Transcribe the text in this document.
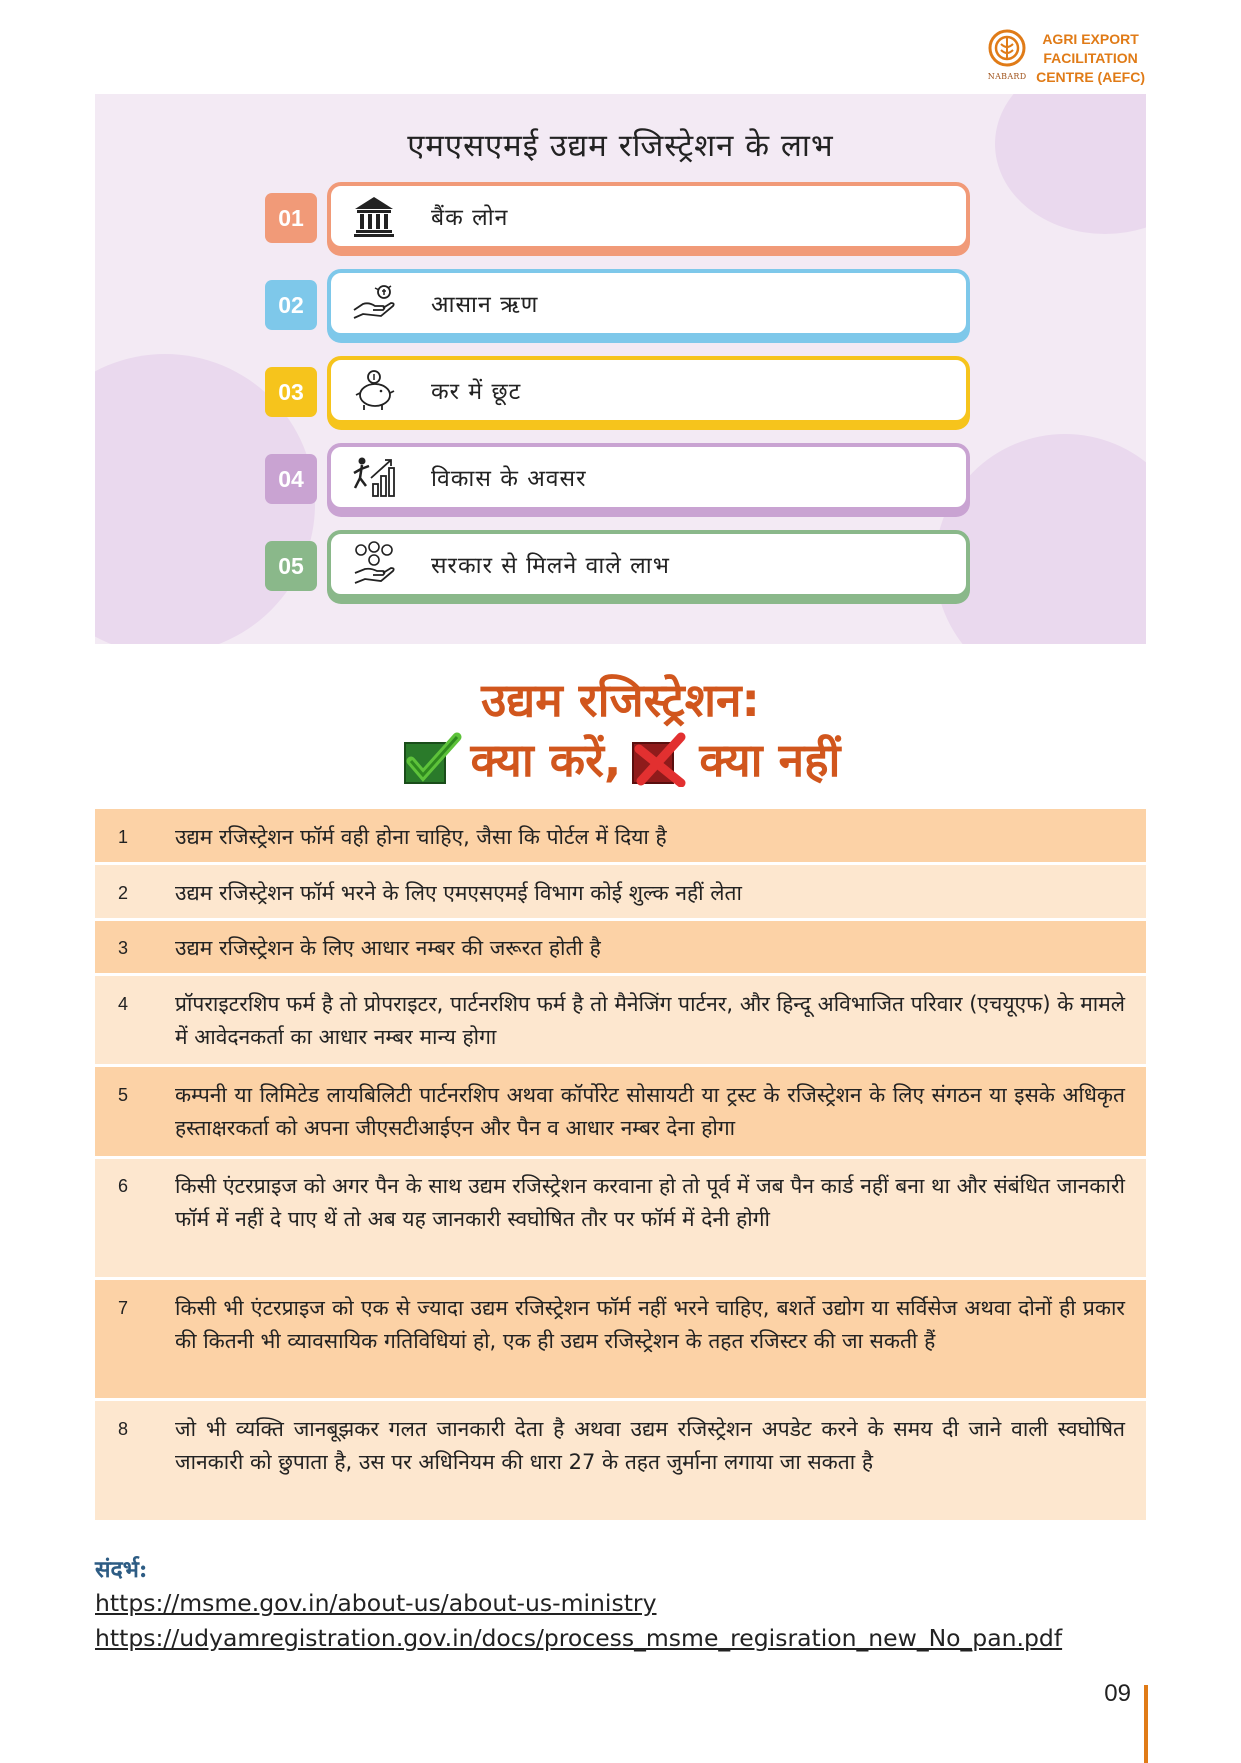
NABARD
AGRI EXPORT
FACILITATION
CENTRE (AEFC)
एमएसएमई उद्यम रजिस्ट्रेशन के लाभ
01	बैंक लोन
02	आसान ऋण
03	कर में छूट
04	विकास के अवसर
05	सरकार से मिलने वाले लाभ
उद्यम रजिस्ट्रेशन:
क्या करें, क्या नहीं
1	उद्यम रजिस्ट्रेशन फॉर्म वही होना चाहिए, जैसा कि पोर्टल में दिया है
2	उद्यम रजिस्ट्रेशन फॉर्म भरने के लिए एमएसएमई विभाग कोई शुल्क नहीं लेता
3	उद्यम रजिस्ट्रेशन के लिए आधार नम्बर की जरूरत होती है
4	प्रॉपराइटरशिप फर्म है तो प्रोपराइटर, पार्टनरशिप फर्म है तो मैनेजिंग पार्टनर, और हिन्दू अविभाजित परिवार (एचयूएफ) के मामले में आवेदनकर्ता का आधार नम्बर मान्य होगा
5	कम्पनी या लिमिटेड लायबिलिटी पार्टनरशिप अथवा कॉर्पोरेट सोसायटी या ट्रस्ट के रजिस्ट्रेशन के लिए संगठन या इसके अधिकृत हस्ताक्षरकर्ता को अपना जीएसटीआईएन और पैन व आधार नम्बर देना होगा
6	किसी एंटरप्राइज को अगर पैन के साथ उद्यम रजिस्ट्रेशन करवाना हो तो पूर्व में जब पैन कार्ड नहीं बना था और संबंधित जानकारी फॉर्म में नहीं दे पाए थें तो अब यह जानकारी स्वघोषित तौर पर फॉर्म में देनी होगी
7	किसी भी एंटरप्राइज को एक से ज्यादा उद्यम रजिस्ट्रेशन फॉर्म नहीं भरने चाहिए, बशर्ते उद्योग या सर्विसेज अथवा दोनों ही प्रकार की कितनी भी व्यावसायिक गतिविधियां हो, एक ही उद्यम रजिस्ट्रेशन के तहत रजिस्टर की जा सकती हैं
8	जो भी व्यक्ति जानबूझकर गलत जानकारी देता है अथवा उद्यम रजिस्ट्रेशन अपडेट करने के समय दी जाने वाली स्वघोषित जानकारी को छुपाता है, उस पर अधिनियम की धारा 27 के तहत जुर्माना लगाया जा सकता है
संदर्भ:
https://msme.gov.in/about-us/about-us-ministry
https://udyamregistration.gov.in/docs/process_msme_regisration_new_No_pan.pdf
09
